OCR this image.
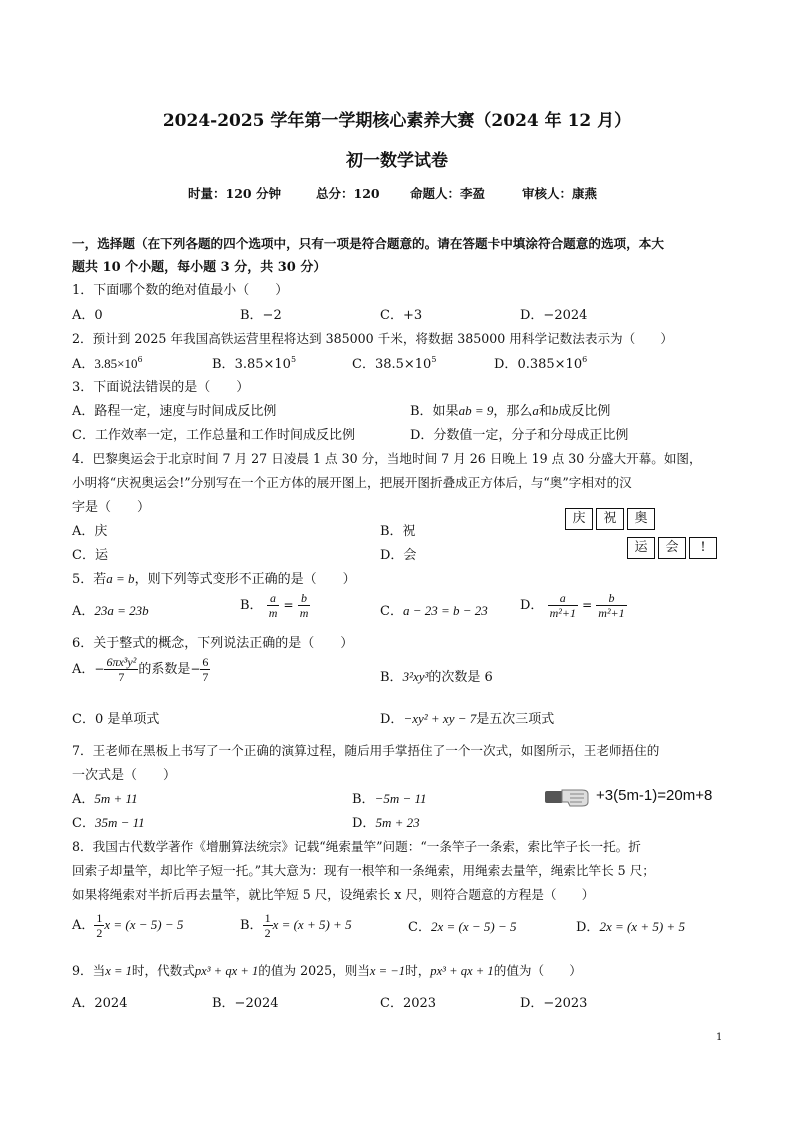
2024-2025 学年第一学期核心素养大赛（2024 年 12 月）
初一数学试卷
时量：120 分钟	总分：120 命题人：李盈	审核人：康燕
一，选择题（在下列各题的四个选项中，只有一项是符合题意的。请在答题卡中填涂符合题意的选项，本大
题共 10 个小题，每小题 3 分，共 30 分）
1．下面哪个数的绝对值最小（　　）
A．0	B．−2	C．+3	D．−2024
2．预计到 2025 年我国高铁运营里程将达到 385000 千米，将数据 385000 用科学记数法表示为（　　）
A．$3.85\times 10^6$	B．$3.85\times 10^5$	C．$38.5\times 10^5$	D．$0.385\times 10^6$
3．下面说法错误的是（　　）
A．路程一定，速度与时间成反比例	B．如果ab = 9，那么a和b成反比例
C．工作效率一定，工作总量和工作时间成反比例	D．分数值一定，分子和分母成正比例
4．巴黎奥运会于北京时间 7 月 27 日凌晨 1 点 30 分，当地时间 7 月 26 日晚上 19 点 30 分盛大开幕。如图，
小明将“庆祝奥运会!”分别写在一个正方体的展开图上，把展开图折叠成正方体后，与“奥”字相对的汉
字是（　　）
A．庆	B．祝
C．运	D．会
庆	祝	奥
运	会	!
5．若a = b，则下列等式变形不正确的是（　　）
A．23a = 23b	B． $\frac{a}{m} = \frac{b}{m}$	C．a − 23 = b − 23 D． $\frac{a}{\text{m²+1}} = \frac{b}{\text{m²+1}}$
6．关于整式的概念，下列说法正确的是（　　）
A．− $\frac{\text{6πx³y²}}{7}$ 的系数是− $\frac{6}{7}$	B．3²xy³的次数是 6
C．0 是单项式	D．−xy² + xy − 7是五次三项式
7．王老师在黑板上书写了一个正确的演算过程，随后用手掌捂住了一个一次式，如图所示，王老师捂住的
一次式是（　　）
A．5m + 11	B．−5m − 11
C．35m − 11	D．5m + 23
+3(5m-1)=20m+8
8．我国古代数学著作《增删算法统宗》记载“绳索量竿”问题：“一条竿子一条索，索比竿子长一托。折
回索子却量竿，却比竿子短一托。”其大意为：现有一根竿和一条绳索，用绳索去量竿，绳索比竿长 5 尺；
如果将绳索对半折后再去量竿，就比竿短 5 尺，设绳索长 x 尺，则符合题意的方程是（　　）
A． $\frac{1}{2}$ x = (x − 5) − 5	B． $\frac{1}{2}$ x = (x + 5) + 5	C．2x = (x − 5) − 5	D．2x = (x + 5) + 5
9．当x = 1时，代数式px³ + qx + 1的值为 2025，则当x = −1时，px³ + qx + 1的值为（　　）
A．2024	B．−2024	C．2023	D．−2023
1
